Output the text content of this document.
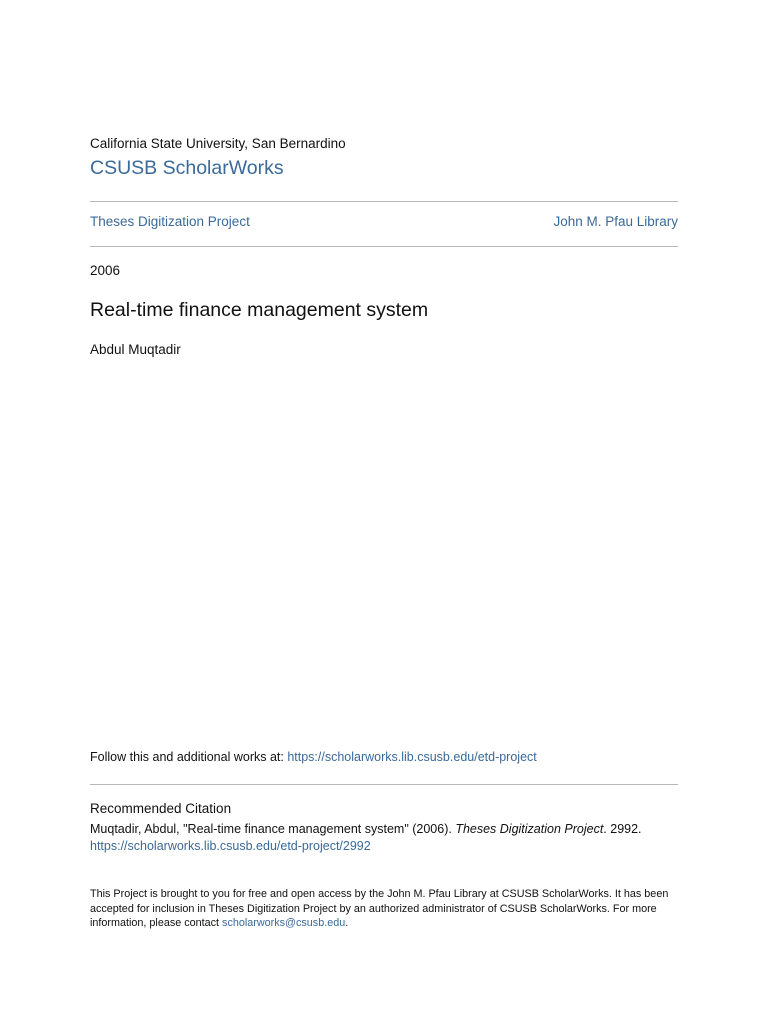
California State University, San Bernardino
CSUSB ScholarWorks
Theses Digitization Project	John M. Pfau Library
2006
Real-time finance management system
Abdul Muqtadir
Follow this and additional works at: https://scholarworks.lib.csusb.edu/etd-project
Recommended Citation
Muqtadir, Abdul, "Real-time finance management system" (2006). Theses Digitization Project. 2992.
https://scholarworks.lib.csusb.edu/etd-project/2992
This Project is brought to you for free and open access by the John M. Pfau Library at CSUSB ScholarWorks. It has been accepted for inclusion in Theses Digitization Project by an authorized administrator of CSUSB ScholarWorks. For more information, please contact scholarworks@csusb.edu.
